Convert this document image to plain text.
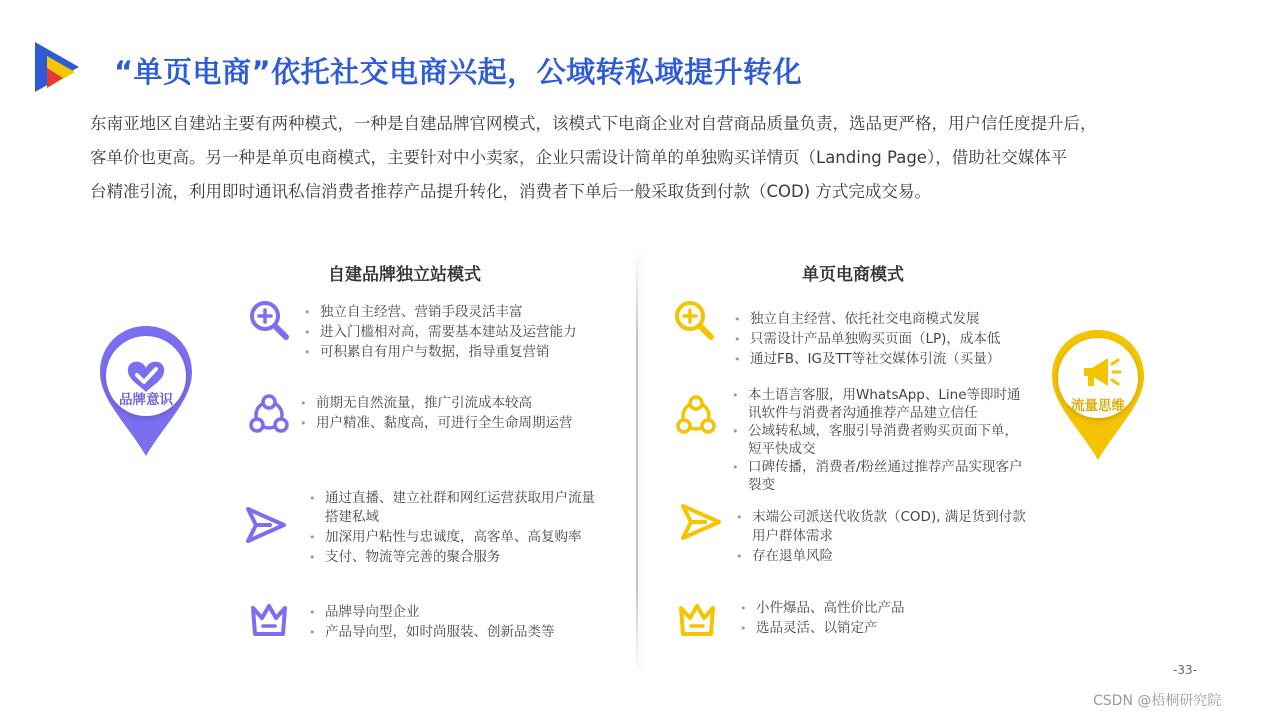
“单页电商”依托社交电商兴起，公域转私域提升转化

东南亚地区自建站主要有两种模式，一种是自建品牌官网模式，该模式下电商企业对自营商品质量负责，选品更严格，用户信任度提升后，

客单价也更高。另一种是单页电商模式，主要针对中小卖家，企业只需设计简单的单独购买详情页（Landing Page），借助社交媒体平

台精准引流，利用即时通讯私信消费者推荐产品提升转化，消费者下单后一般采取货到付款（COD) 方式完成交易。

自建品牌独立站模式
品牌意识
• 独立自主经营、营销手段灵活丰富
• 进入门槛相对高，需要基本建站及运营能力
• 可积累自有用户与数据，指导重复营销
• 前期无自然流量，推广引流成本较高
• 用户精准、黏度高，可进行全生命周期运营
• 通过直播、建立社群和网红运营获取用户流量搭建私域
• 加深用户粘性与忠诚度，高客单、高复购率
• 支付、物流等完善的聚合服务
• 品牌导向型企业
• 产品导向型，如时尚服装、创新品类等
单页电商模式
流量思维
• 独立自主经营、依托社交电商模式发展
• 只需设计产品单独购买页面（LP)，成本低
• 通过FB、IG及TT等社交媒体引流（买量）
• 本土语言客服，用WhatsApp、Line等即时通讯软件与消费者沟通推荐产品建立信任
• 公域转私域，客服引导消费者购买页面下单，短平快成交
• 口碑传播，消费者/粉丝通过推荐产品实现客户裂变
• 末端公司派送代收货款（COD), 满足货到付款用户群体需求
• 存在退单风险
• 小件爆品、高性价比产品
• 选品灵活、以销定产
-33-
CSDN @梧桐研究院
